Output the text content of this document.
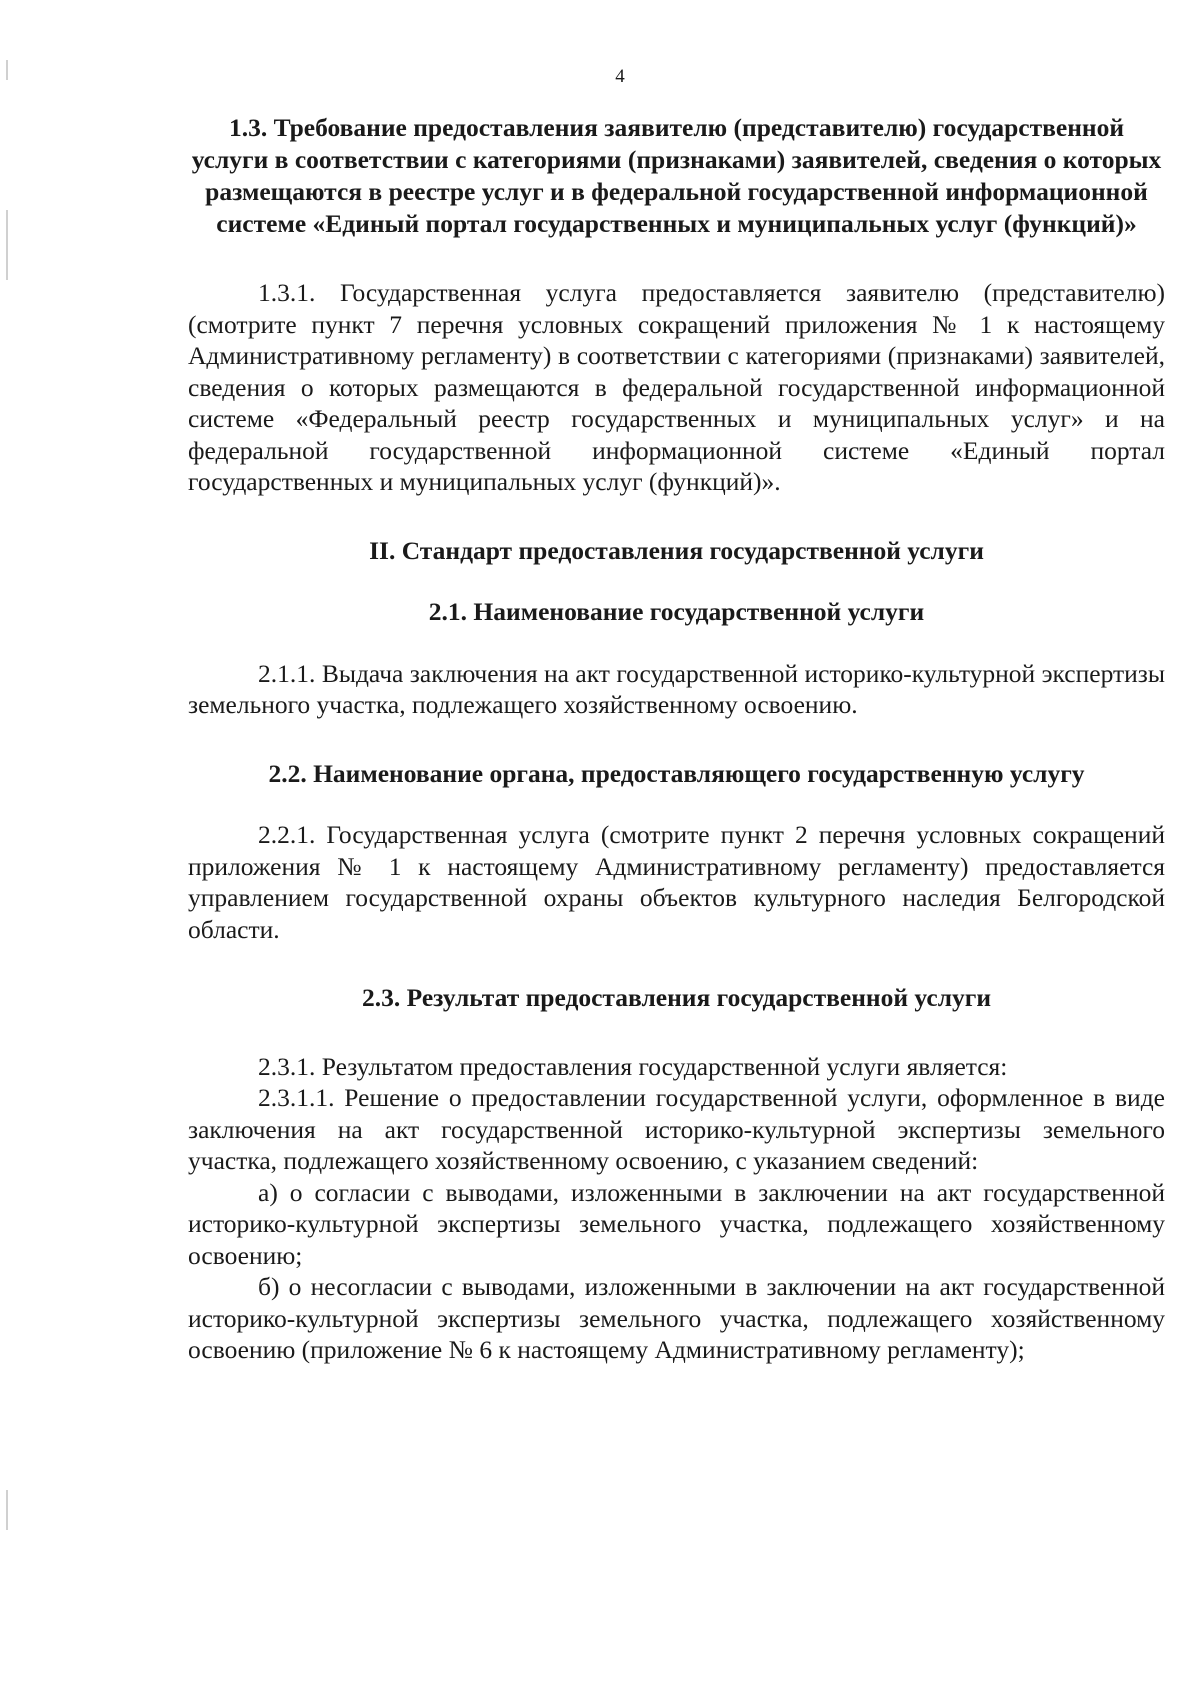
4

1.3. Требование предоставления заявителю (представителю) государственной услуги в соответствии с категориями (признаками) заявителей, сведения о которых размещаются в реестре услуг и в федеральной государственной информационной системе «Единый портал государственных и муниципальных услуг (функций)»

1.3.1. Государственная услуга предоставляется заявителю (представителю) (смотрите пункт 7 перечня условных сокращений приложения № 1 к настоящему Административному регламенту) в соответствии с категориями (признаками) заявителей, сведения о которых размещаются в федеральной государственной информационной системе «Федеральный реестр государственных и муниципальных услуг» и на федеральной государственной информационной системе «Единый портал государственных и муниципальных услуг (функций)».

II. Стандарт предоставления государственной услуги

2.1. Наименование государственной услуги

2.1.1. Выдача заключения на акт государственной историко-культурной экспертизы земельного участка, подлежащего хозяйственному освоению.

2.2. Наименование органа, предоставляющего государственную услугу

2.2.1. Государственная услуга (смотрите пункт 2 перечня условных сокращений приложения № 1 к настоящему Административному регламенту) предоставляется управлением государственной охраны объектов культурного наследия Белгородской области.

2.3. Результат предоставления государственной услуги

2.3.1. Результатом предоставления государственной услуги является:

2.3.1.1. Решение о предоставлении государственной услуги, оформленное в виде заключения на акт государственной историко-культурной экспертизы земельного участка, подлежащего хозяйственному освоению, с указанием сведений:

а) о согласии с выводами, изложенными в заключении на акт государственной историко-культурной экспертизы земельного участка, подлежащего хозяйственному освоению;

б) о несогласии с выводами, изложенными в заключении на акт государственной историко-культурной экспертизы земельного участка, подлежащего хозяйственному освоению (приложение № 6 к настоящему Административному регламенту);
